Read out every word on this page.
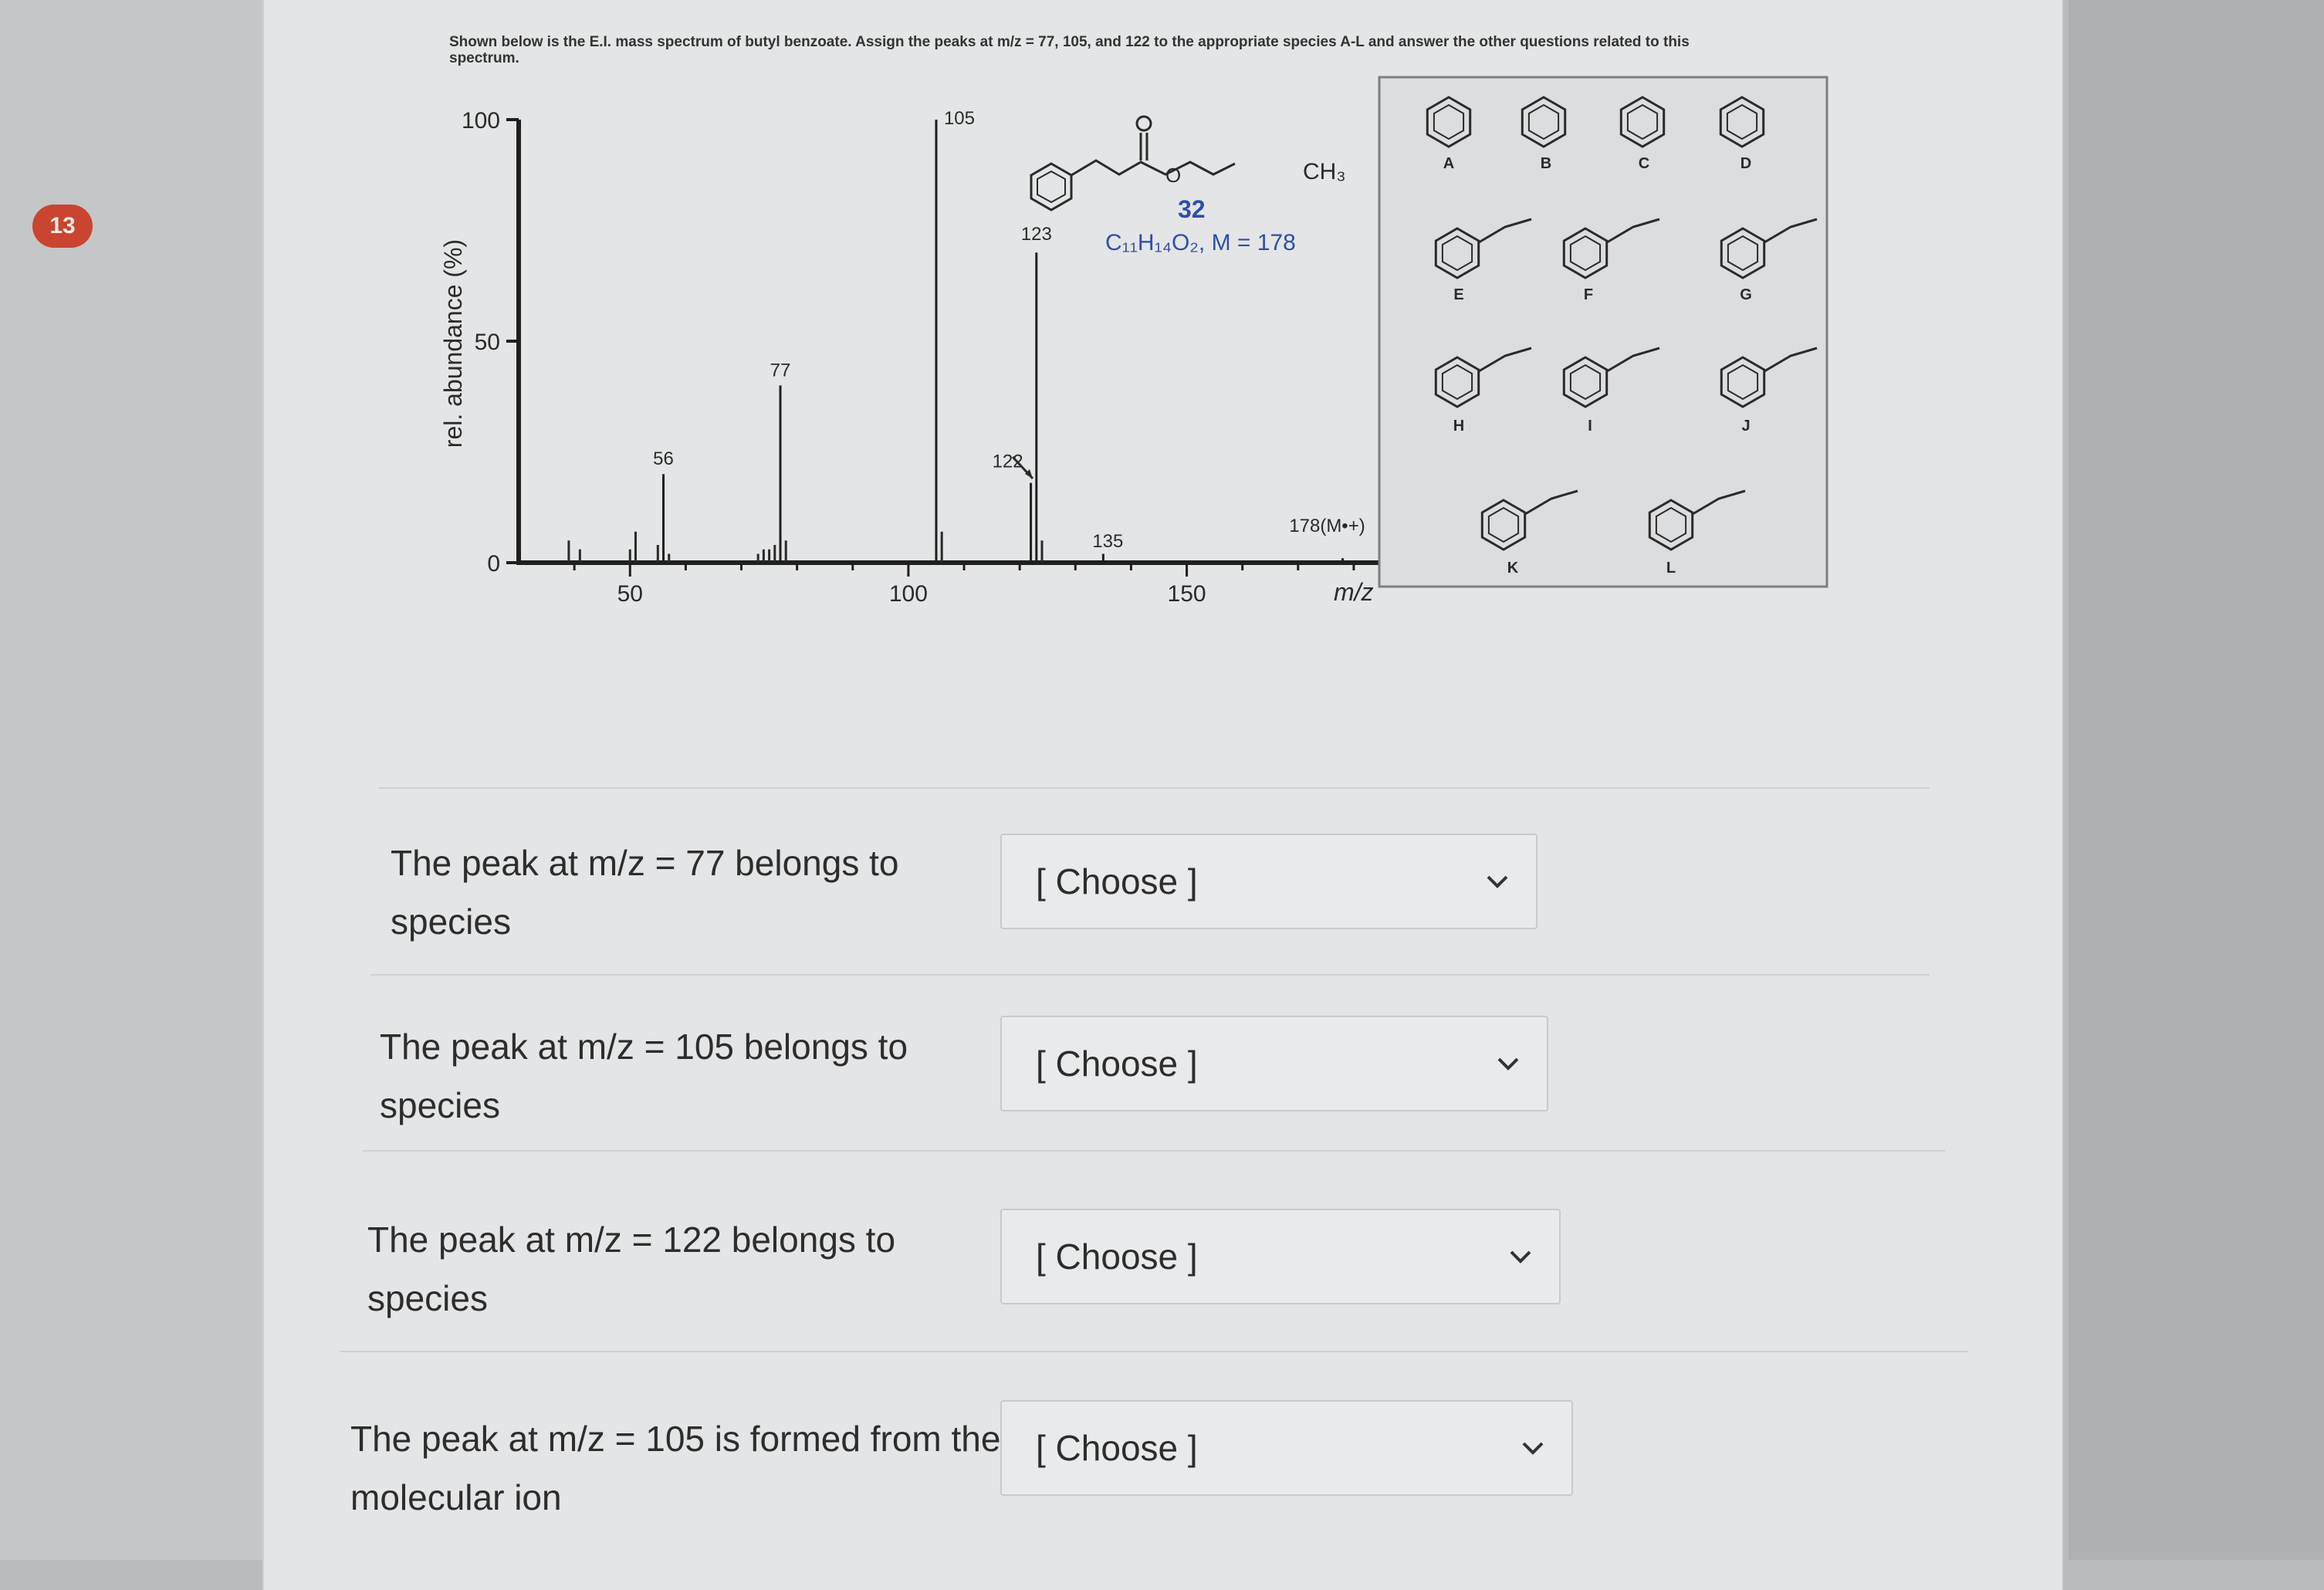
13
Shown below is the E.I. mass spectrum of butyl benzoate. Assign the peaks at m/z = 77, 105, and 122 to the appropriate species A-L and answer the other questions related to this spectrum.
0
50
100
50	100	150
56
77
105
122
123
135
178(M•+)
rel. abundance (%)
m/z
O	CH₃
32
C₁₁H₁₄O₂, M = 178
A	B	C	D
E	F	G
H	I	J
K	L
The peak at m/z = 77 belongs to species
[ Choose ]
The peak at m/z = 105 belongs to species
[ Choose ]
The peak at m/z = 122 belongs to species
[ Choose ]
The peak at m/z = 105 is formed from the molecular ion
[ Choose ]
